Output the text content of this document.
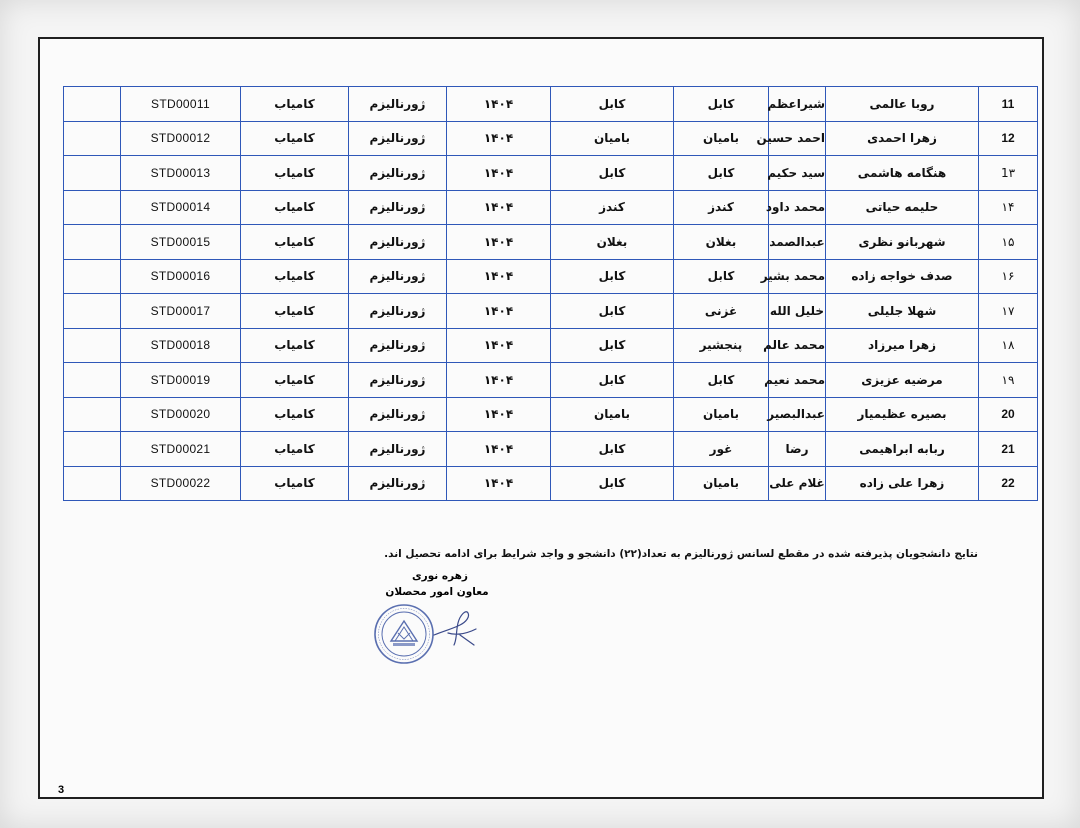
	STD00011	کامیاب	ژورنالیزم	۱۴۰۴	کابل	کابل	شیراعظم	روبا عالمی	11
	STD00012	کامیاب	ژورنالیزم	۱۴۰۴	بامیان	بامیان	احمد حسین	زهرا احمدی	12
	STD00013	کامیاب	ژورنالیزم	۱۴۰۴	کابل	کابل	سید حکیم	هنگامه هاشمی	1۳
	STD00014	کامیاب	ژورنالیزم	۱۴۰۴	کندز	کندز	محمد داود	حلیمه حیاتی	۱۴
	STD00015	کامیاب	ژورنالیزم	۱۴۰۴	بغلان	بغلان	عبدالصمد	شهربانو نظری	۱۵
	STD00016	کامیاب	ژورنالیزم	۱۴۰۴	کابل	کابل	محمد بشیر	صدف خواجه زاده	۱۶
	STD00017	کامیاب	ژورنالیزم	۱۴۰۴	کابل	غزنی	خلیل الله	شهلا جلیلی	۱۷
	STD00018	کامیاب	ژورنالیزم	۱۴۰۴	کابل	پنجشیر	محمد عالم	زهرا میرزاد	۱۸
	STD00019	کامیاب	ژورنالیزم	۱۴۰۴	کابل	کابل	محمد نعیم	مرضیه عزیزی	۱۹
	STD00020	کامیاب	ژورنالیزم	۱۴۰۴	بامیان	بامیان	عبدالبصیر	بصیره عظیمیار	20
	STD00021	کامیاب	ژورنالیزم	۱۴۰۴	کابل	غور	رضا	ربابه ابراهیمی	21
	STD00022	کامیاب	ژورنالیزم	۱۴۰۴	کابل	بامیان	غلام علی	زهرا علی زاده	22
نتایج دانشجویان پذیرفته شده در مقطع لسانس ژورنالیزم به تعداد(۲۲) دانشجو و واجد شرایط برای ادامه تحصیل اند.
زهره نوری
معاون امور محصلان
3
